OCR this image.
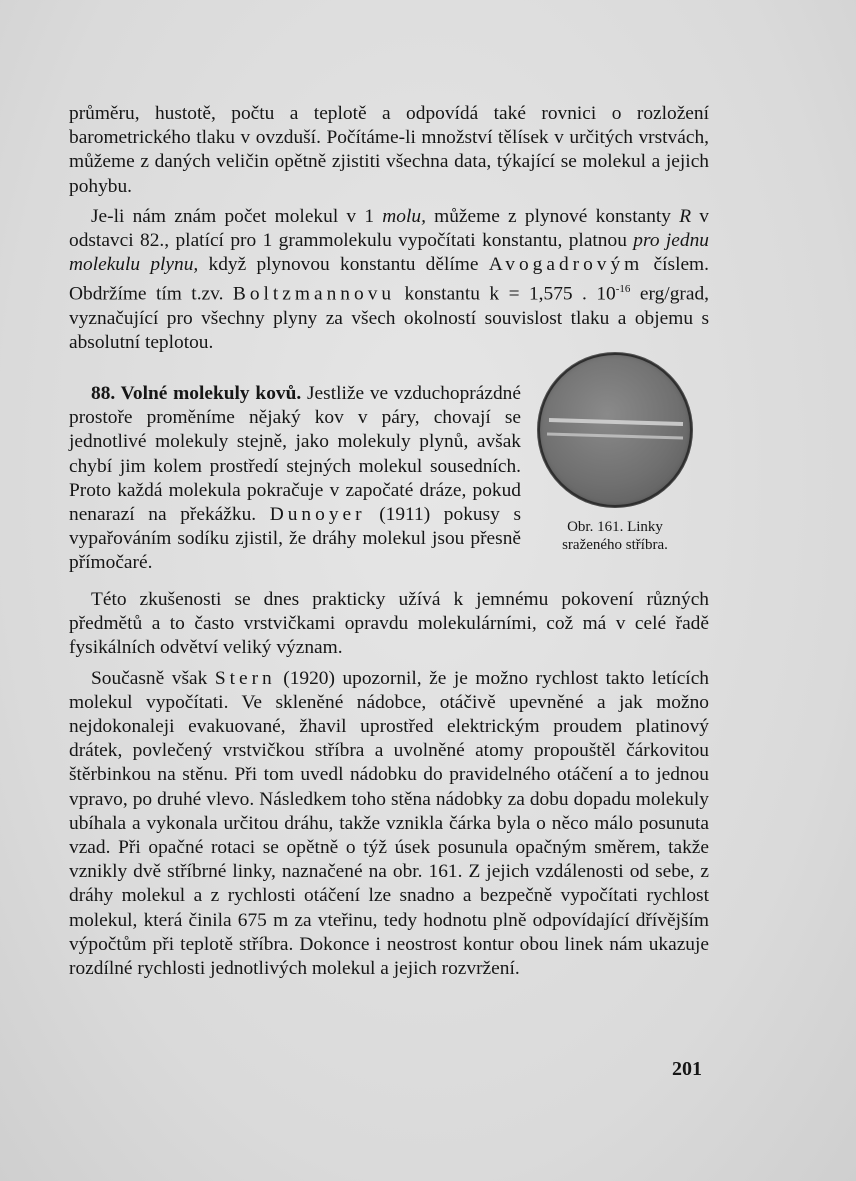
průměru, hustotě, počtu a teplotě a odpovídá také rovnici o rozložení barometrického tlaku v ovzduší. Počítáme-li množství tělísek v určitých vrstvách, můžeme z daných veličin opětně zjistiti všechna data, týkající se molekul a jejich pohybu.

Je-li nám znám počet molekul v 1 molu, můžeme z plynové konstanty R v odstavci 82., platící pro 1 grammolekulu vypočítati konstantu, platnou pro jednu molekulu plynu, když plynovou konstantu dělíme Avogadrovým číslem. Obdržíme tím t.zv. Boltzmannovu konstantu k = 1,575 . $10^{-16}$ erg/grad, vyznačující pro všechny plyny za všech okolností souvislost tlaku a objemu s absolutní teplotou.

88. Volné molekuly kovů. Jestliže ve vzduchoprázdné prostoře proměníme nějaký kov v páry, chovají se jednotlivé molekuly stejně, jako molekuly plynů, avšak chybí jim kolem prostředí stejných molekul sousedních. Proto každá molekula pokračuje v započaté dráze, pokud nenarazí na překážku. Dunoyer (1911) pokusy s vypařováním sodíku zjistil, že dráhy molekul jsou přesně přímočaré.

Této zkušenosti se dnes prakticky užívá k jemnému pokovení různých předmětů a to často vrstvičkami opravdu molekulárními, což má v celé řadě fysikálních odvětví veliký význam.

Současně však Stern (1920) upozornil, že je možno rychlost takto letících molekul vypočítati. Ve skleněné nádobce, otáčivě upevněné a jak možno nejdokonaleji evakuované, žhavil uprostřed elektrickým proudem platinový drátek, povlečený vrstvičkou stříbra a uvolněné atomy propouštěl čárkovitou štěrbinkou na stěnu. Při tom uvedl nádobku do pravidelného otáčení a to jednou vpravo, po druhé vlevo. Následkem toho stěna nádobky za dobu dopadu molekuly ubíhala a vykonala určitou dráhu, takže vznikla čárka byla o něco málo posunuta vzad. Při opačné rotaci se opětně o týž úsek posunula opačným směrem, takže vznikly dvě stříbrné linky, naznačené na obr. 161. Z jejich vzdálenosti od sebe, z dráhy molekul a z rychlosti otáčení lze snadno a bezpečně vypočítati rychlost molekul, která činila 675 m za vteřinu, tedy hodnotu plně odpovídající dřívějším výpočtům při teplotě stříbra. Dokonce i neostrost kontur obou linek nám ukazuje rozdílné rychlosti jednotlivých molekul a jejich rozvržení.

Obr. 161. Linky
sraženého stříbra.
201
